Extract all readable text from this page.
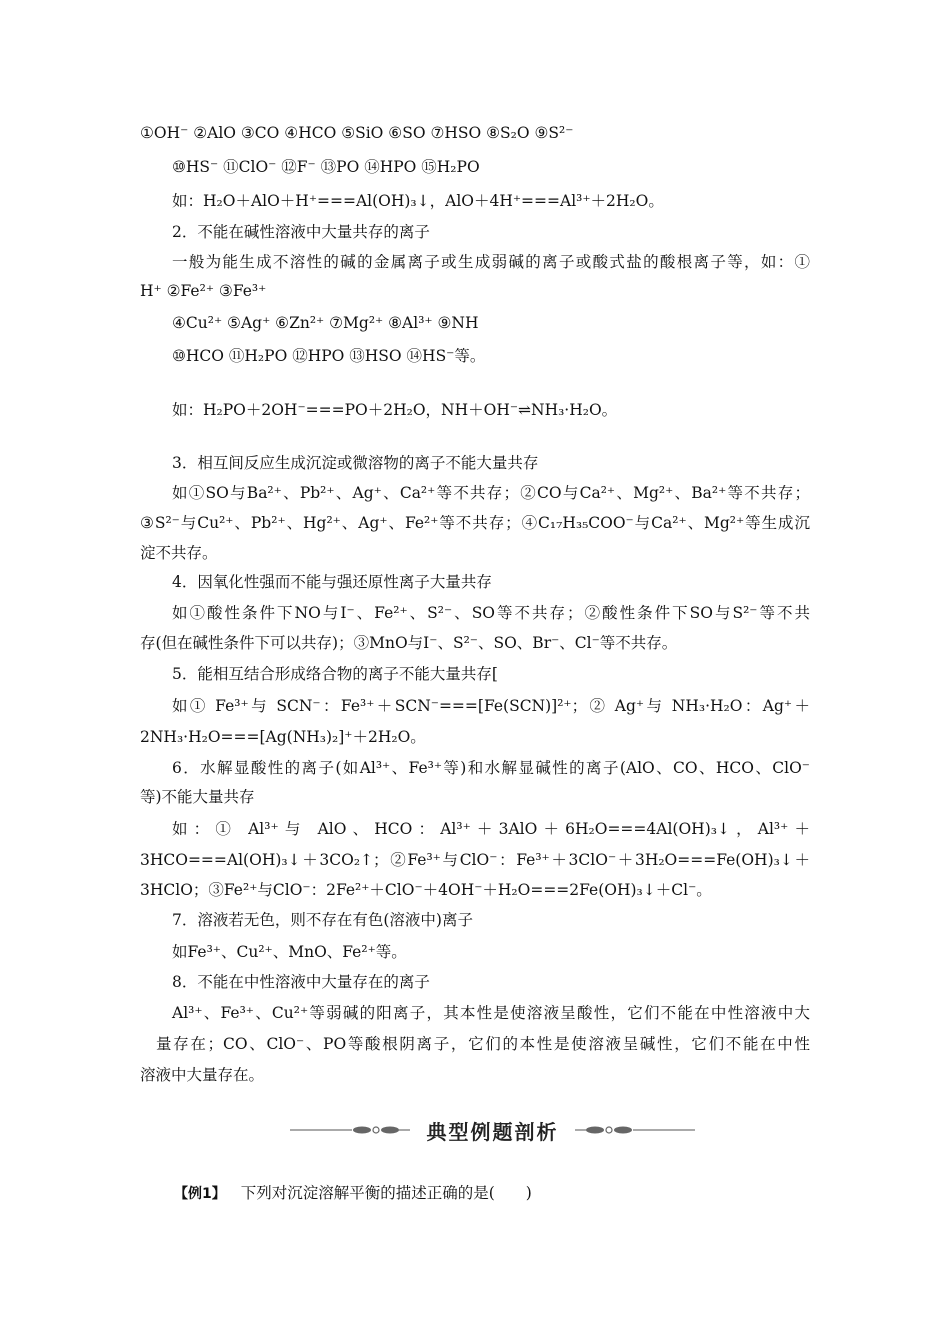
①OH⁻ ②AlO ③CO ④HCO ⑤SiO ⑥SO ⑦HSO ⑧S₂O ⑨S²⁻
⑩HS⁻ ⑪ClO⁻ ⑫F⁻ ⑬PO ⑭HPO ⑮H₂PO
如：H₂O＋AlO＋H⁺===Al(OH)₃↓，AlO＋4H⁺===Al³⁺＋2H₂O。
2．不能在碱性溶液中大量共存的离子
一般为能生成不溶性的碱的金属离子或生成弱碱的离子或酸式盐的酸根离子等，如：①
H⁺ ②Fe²⁺ ③Fe³⁺
④Cu²⁺ ⑤Ag⁺ ⑥Zn²⁺ ⑦Mg²⁺ ⑧Al³⁺ ⑨NH
⑩HCO ⑪H₂PO ⑫HPO ⑬HSO ⑭HS⁻等。
如：H₂PO＋2OH⁻===PO＋2H₂O，NH＋OH⁻⇌NH₃·H₂O。
3．相互间反应生成沉淀或微溶物的离子不能大量共存
如①SO与Ba²⁺、Pb²⁺、Ag⁺、Ca²⁺等不共存；②CO与Ca²⁺、Mg²⁺、Ba²⁺等不共存；
③S²⁻与Cu²⁺、Pb²⁺、Hg²⁺、Ag⁺、Fe²⁺等不共存；④C₁₇H₃₅COO⁻与Ca²⁺、Mg²⁺等生成沉
淀不共存。
4．因氧化性强而不能与强还原性离子大量共存
如①酸性条件下NO与I⁻、Fe²⁺、S²⁻、SO等不共存；②酸性条件下SO与S²⁻等不共
存(但在碱性条件下可以共存)；③MnO与I⁻、S²⁻、SO、Br⁻、Cl⁻等不共存。
5．能相互结合形成络合物的离子不能大量共存[
如① Fe³⁺与 SCN⁻：Fe³⁺＋SCN⁻===[Fe(SCN)]²⁺；② Ag⁺与 NH₃·H₂O：Ag⁺＋
2NH₃·H₂O===[Ag(NH₃)₂]⁺＋2H₂O。
6．水解显酸性的离子(如Al³⁺、Fe³⁺等)和水解显碱性的离子(AlO、CO、HCO、ClO⁻
等)不能大量共存
如：① Al³⁺与 AlO、HCO：Al³⁺＋3AlO＋6H₂O===4Al(OH)₃↓，Al³⁺＋
3HCO===Al(OH)₃↓＋3CO₂↑；②Fe³⁺与ClO⁻：Fe³⁺＋3ClO⁻＋3H₂O===Fe(OH)₃↓＋
3HClO；③Fe²⁺与ClO⁻：2Fe²⁺＋ClO⁻＋4OH⁻＋H₂O===2Fe(OH)₃↓＋Cl⁻。
7．溶液若无色，则不存在有色(溶液中)离子
如Fe³⁺、Cu²⁺、MnO、Fe²⁺等。
8．不能在中性溶液中大量存在的离子
Al³⁺、Fe³⁺、Cu²⁺等弱碱的阳离子，其本性是使溶液呈酸性，它们不能在中性溶液中大
量存在；CO、ClO⁻、PO等酸根阴离子，它们的本性是使溶液呈碱性，它们不能在中性
溶液中大量存在。
典型例题剖析
【例1】 下列对沉淀溶解平衡的描述正确的是(　　)
